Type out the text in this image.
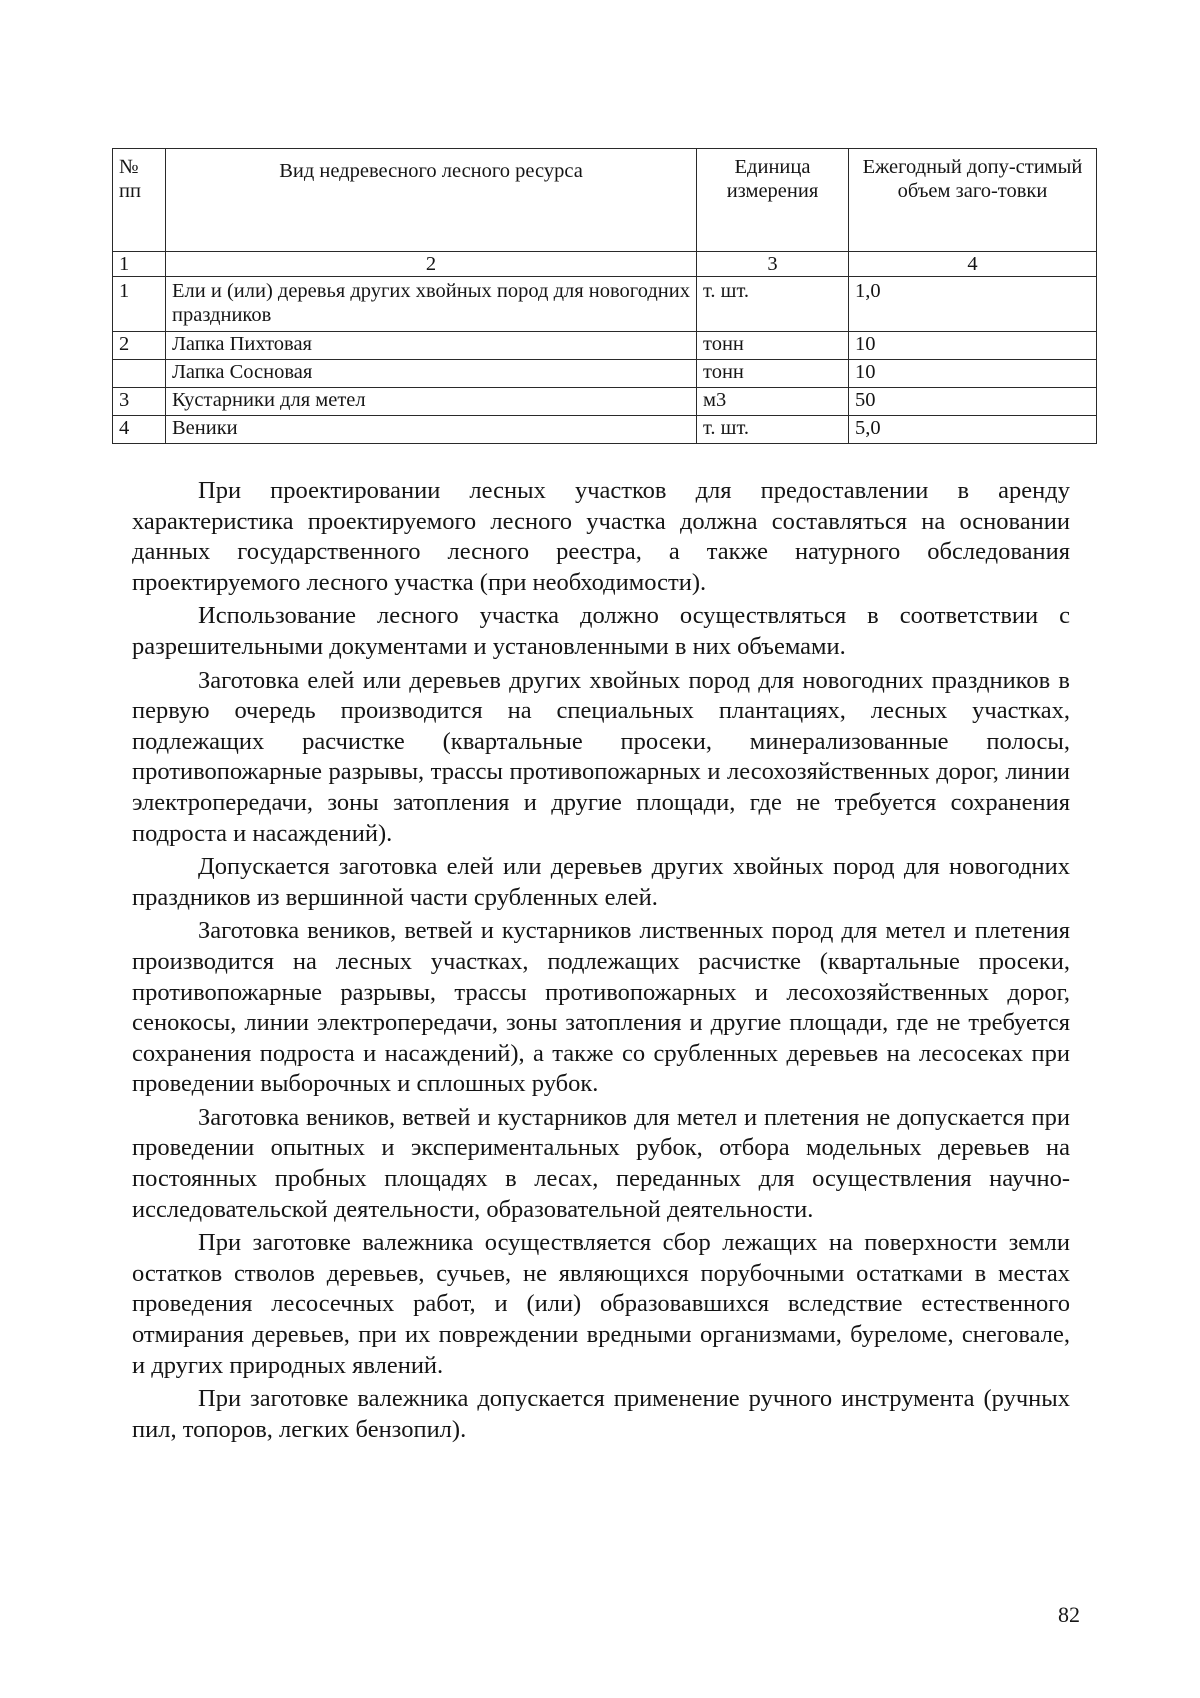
№ пп	Вид недревесного лесного ресурса	Единица измерения	Ежегодный допу-стимый объем заго-товки
1	2	3	4
1	Ели и (или) деревья других хвойных пород для новогодних праздников	т. шт.	1,0
2	Лапка Пихтовая	тонн	10
	Лапка Сосновая	тонн	10
3	Кустарники для метел	м3	50
4	Веники	т. шт.	5,0

При проектировании лесных участков для предоставлении в аренду характеристика проектируемого лесного участка должна составляться на основании данных государственного лесного реестра, а также натурного обследования проектируемого лесного участка (при необходимости).

Использование лесного участка должно осуществляться в соответствии с разрешительными документами и установленными в них объемами.

Заготовка елей или деревьев других хвойных пород для новогодних праздников в первую очередь производится на специальных плантациях, лесных участках, подлежащих расчистке (квартальные просеки, минерализованные полосы, противопожарные разрывы, трассы противопожарных и лесохозяйственных дорог, линии электропередачи, зоны затопления и другие площади, где не требуется сохранения подроста и насаждений).

Допускается заготовка елей или деревьев других хвойных пород для новогодних праздников из вершинной части срубленных елей.

Заготовка веников, ветвей и кустарников лиственных пород для метел и плетения производится на лесных участках, подлежащих расчистке (квартальные просеки, противопожарные разрывы, трассы противопожарных и лесохозяйственных дорог, сенокосы, линии электропередачи, зоны затопления и другие площади, где не требуется сохранения подроста и насаждений), а также со срубленных деревьев на лесосеках при проведении выборочных и сплошных рубок.

Заготовка веников, ветвей и кустарников для метел и плетения не допускается при проведении опытных и экспериментальных рубок, отбора модельных деревьев на постоянных пробных площадях в лесах, переданных для осуществления научно-исследовательской деятельности, образовательной деятельности.

При заготовке валежника осуществляется сбор лежащих на поверхности земли остатков стволов деревьев, сучьев, не являющихся порубочными остатками в местах проведения лесосечных работ, и (или) образовавшихся вследствие естественного отмирания деревьев, при их повреждении вредными организмами, буреломе, снеговале, и других природных явлений.

При заготовке валежника допускается применение ручного инструмента (ручных пил, топоров, легких бензопил).

82
